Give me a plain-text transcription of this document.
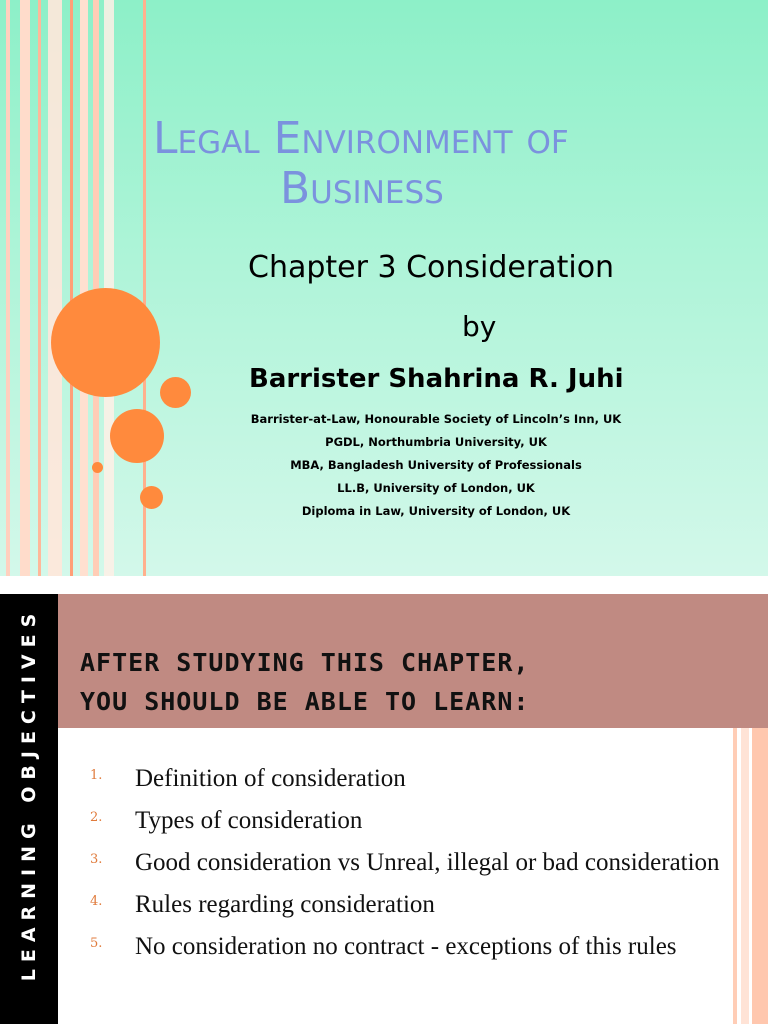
Legal Environment of
Business
Chapter 3 Consideration
by
Barrister Shahrina R. Juhi
Barrister-at-Law, Honourable Society of Lincoln’s Inn, UK
PGDL, Northumbria University, UK
MBA, Bangladesh University of Professionals
LL.B, University of London, UK
Diploma in Law, University of London, UK
LEARNING OBJECTIVES AFTER STUDYING THIS CHAPTER,
YOU SHOULD BE ABLE TO LEARN:
1. Definition of consideration
2. Types of consideration
3. Good consideration vs Unreal, illegal or bad consideration
4. Rules regarding consideration
5. No consideration no contract - exceptions of this rules
